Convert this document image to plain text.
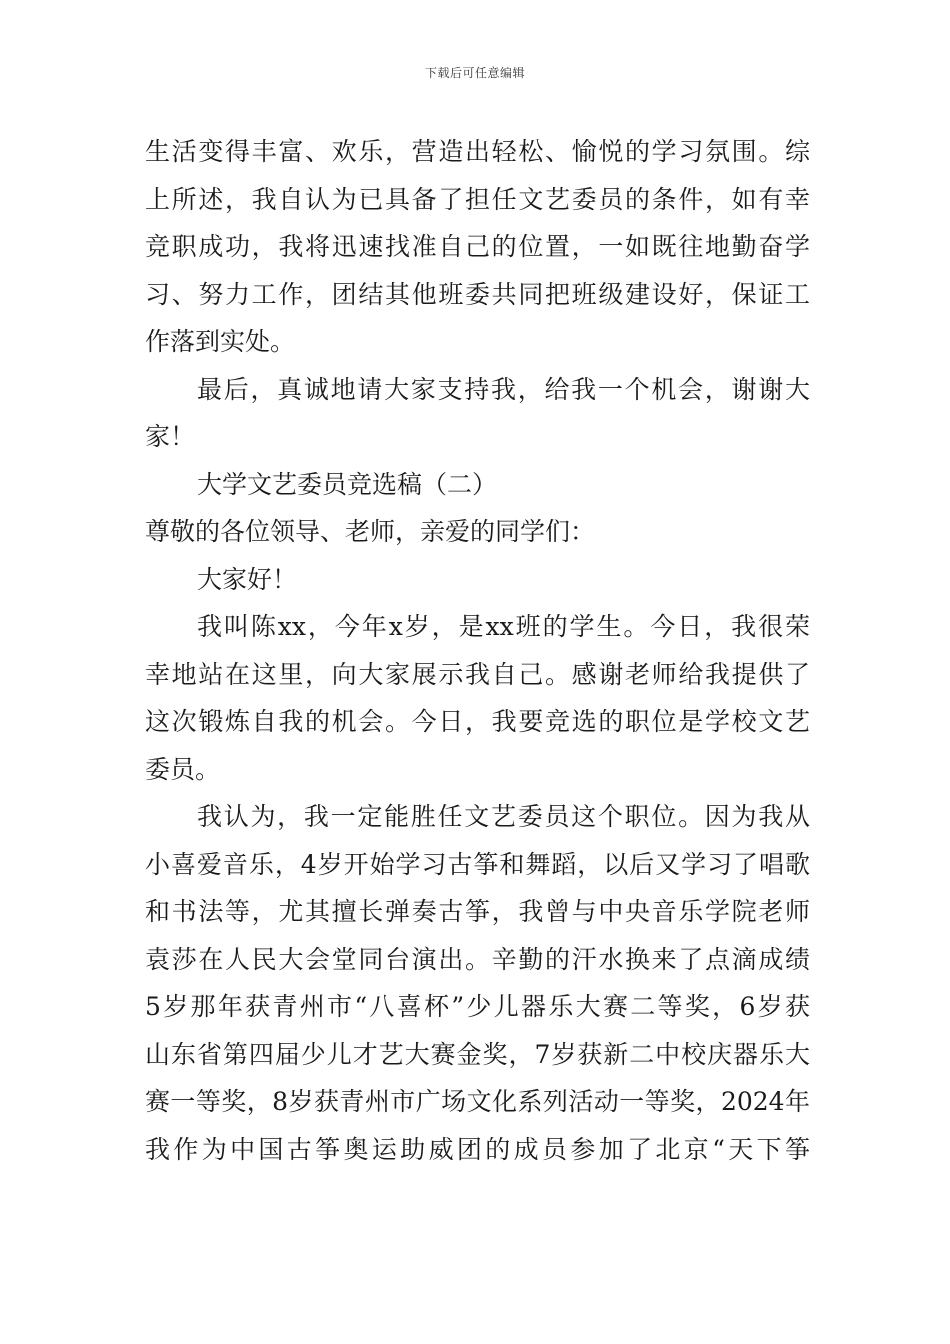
下载后可任意编辑
生活变得丰富、欢乐，营造出轻松、愉悦的学习氛围。综
上所述，我自认为已具备了担任文艺委员的条件，如有幸
竞职成功，我将迅速找准自己的位置，一如既往地勤奋学
习、努力工作，团结其他班委共同把班级建设好，保证工
作落到实处。
最后，真诚地请大家支持我，给我一个机会，谢谢大
家！
大学文艺委员竞选稿（二）
尊敬的各位领导、老师，亲爱的同学们：
大家好！
我叫陈xx，今年x岁，是xx班的学生。今日，我很荣
幸地站在这里，向大家展示我自己。感谢老师给我提供了
这次锻炼自我的机会。今日，我要竞选的职位是学校文艺
委员。
我认为，我一定能胜任文艺委员这个职位。因为我从
小喜爱音乐，4岁开始学习古筝和舞蹈，以后又学习了唱歌
和书法等，尤其擅长弹奏古筝，我曾与中央音乐学院老师
袁莎在人民大会堂同台演出。辛勤的汗水换来了点滴成绩
5岁那年获青州市“八喜杯”少儿器乐大赛二等奖，6岁获
山东省第四届少儿才艺大赛金奖，7岁获新二中校庆器乐大
赛一等奖，8岁获青州市广场文化系列活动一等奖，2024年
我作为中国古筝奥运助威团的成员参加了北京“天下筝
